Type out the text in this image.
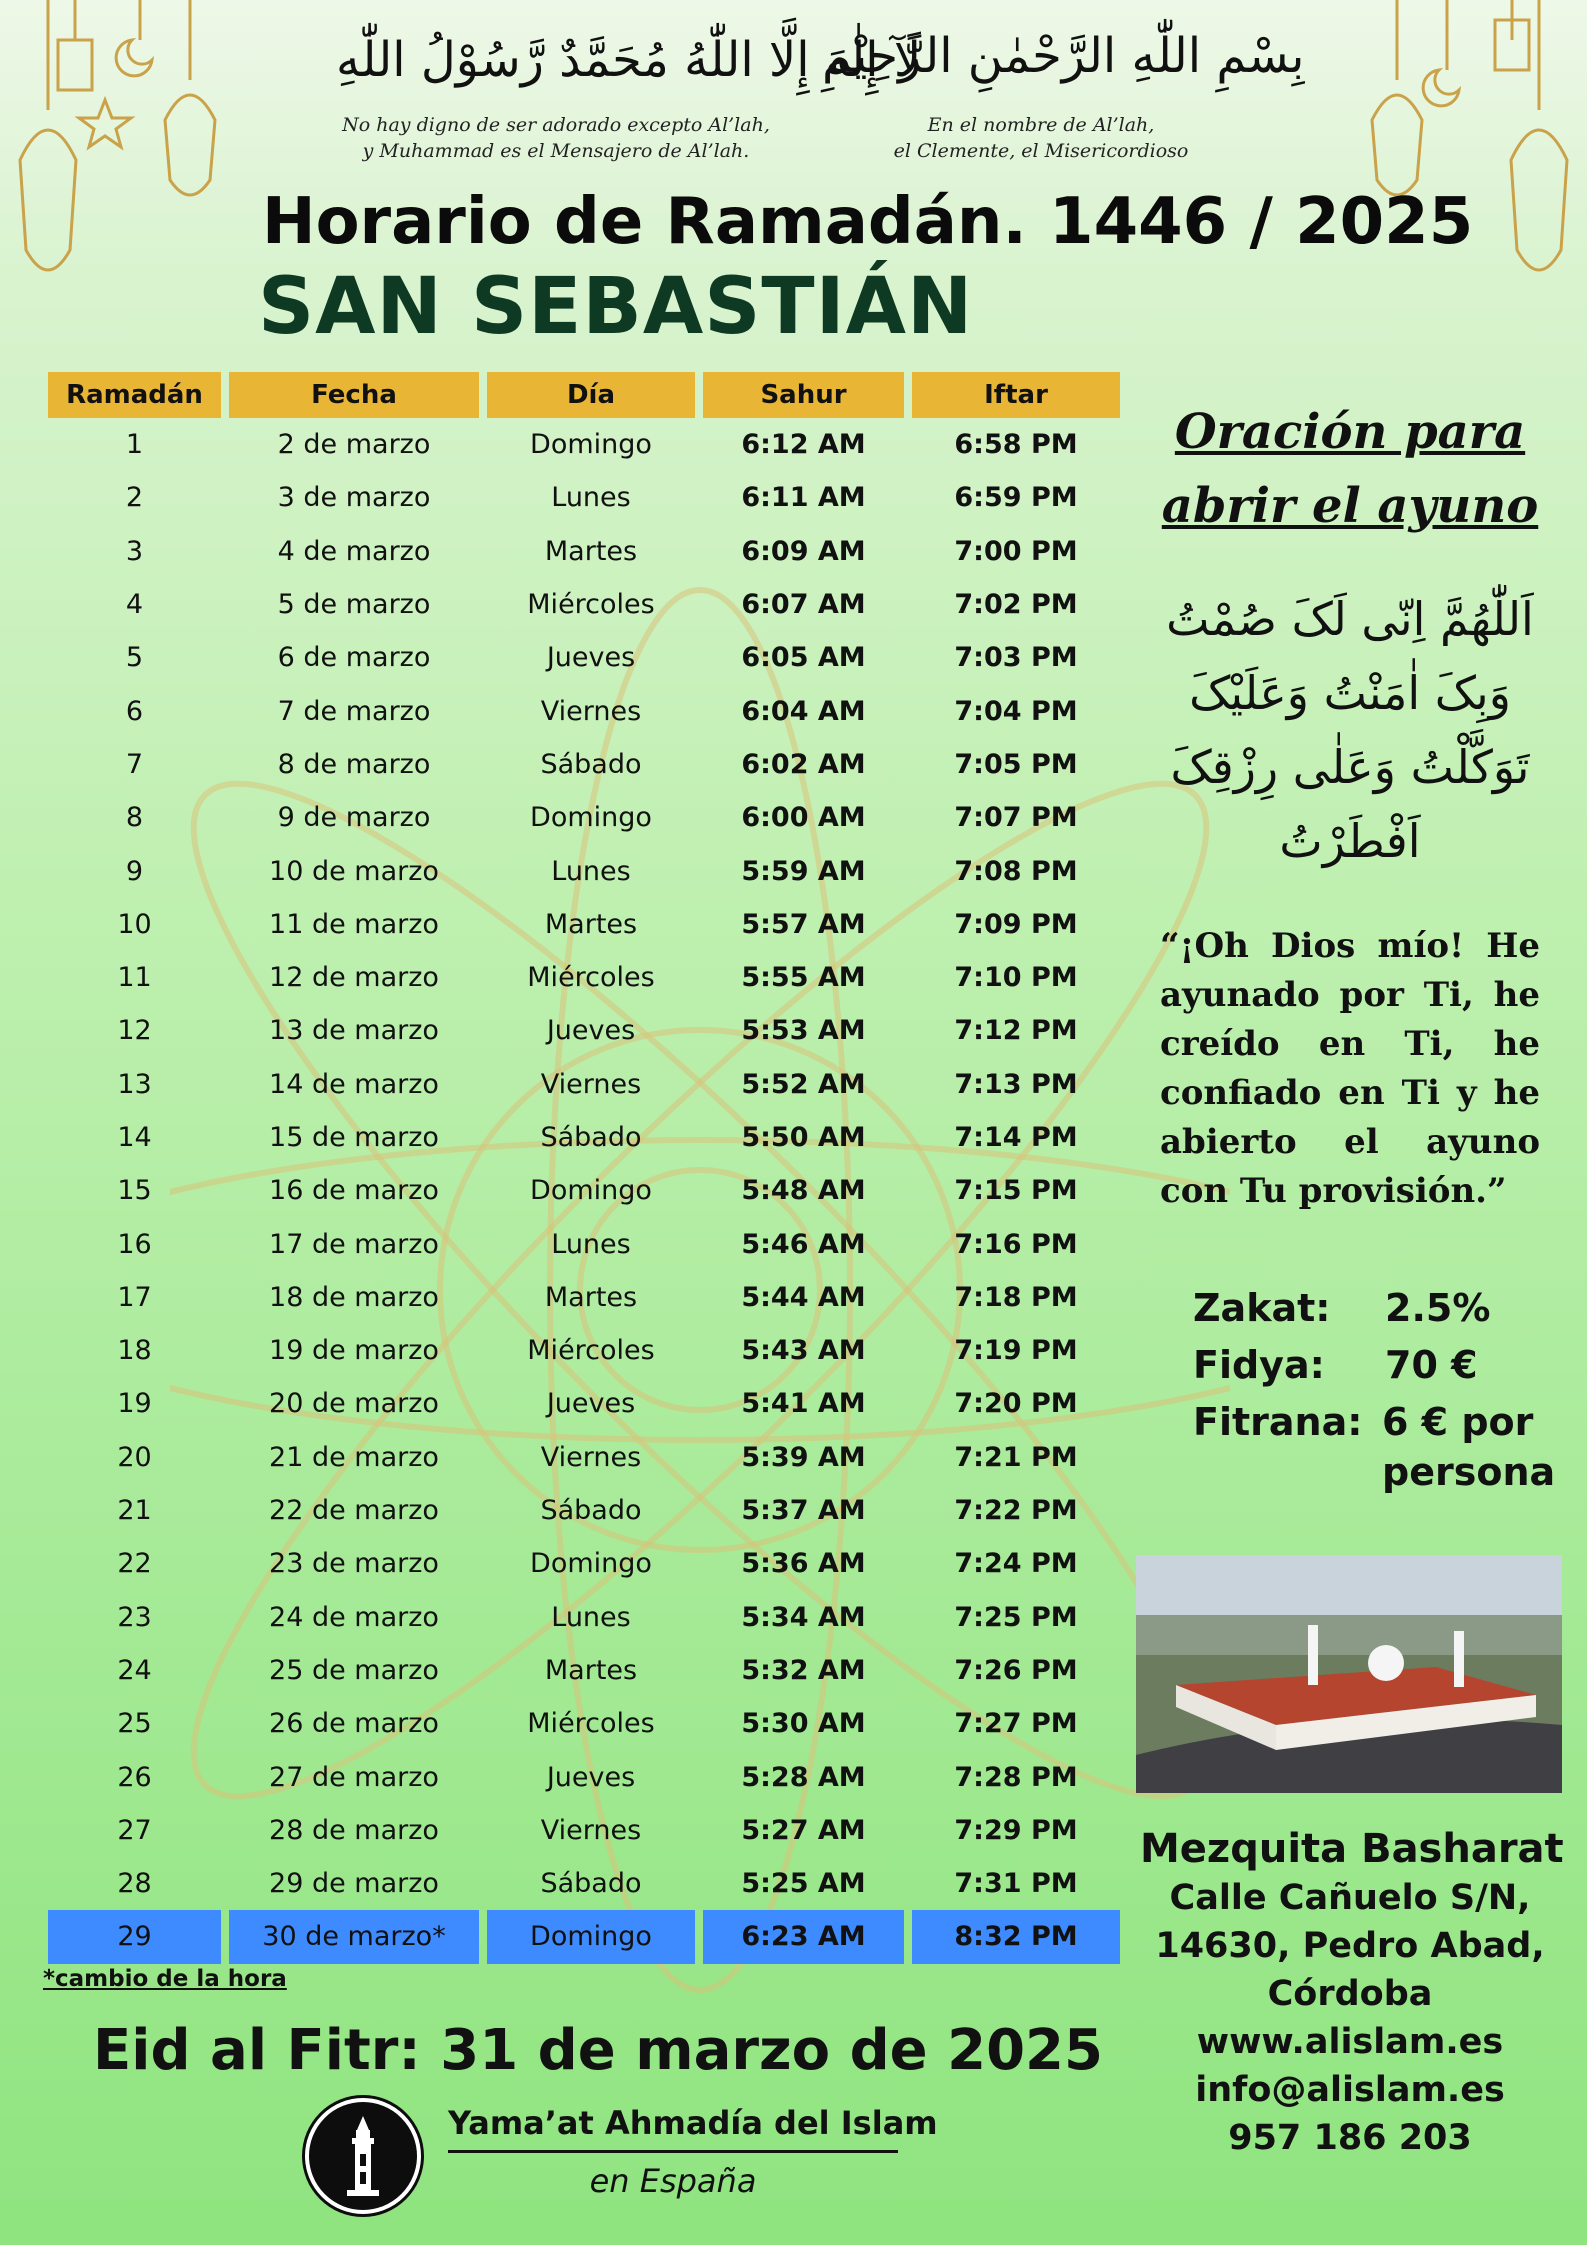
لَآ إِلٰهَ إِلَّا اللّٰهُ مُحَمَّدٌ رَّسُوْلُ اللّٰهِ
بِسْمِ اللّٰهِ الرَّحْمٰنِ الرَّحِيْمِ
No hay digno de ser adorado excepto Al’lah,
y Muhammad es el Mensajero de Al’lah.
En el nombre de Al’lah,
el Clemente, el Misericordioso
Horario de Ramadán. 1446 / 2025
SAN SEBASTIÁN
Ramadán	Fecha	Día	Sahur	Iftar
1	2 de marzo	Domingo	6:12 AM	6:58 PM
2	3 de marzo	Lunes	6:11 AM	6:59 PM
3	4 de marzo	Martes	6:09 AM	7:00 PM
4	5 de marzo	Miércoles	6:07 AM	7:02 PM
5	6 de marzo	Jueves	6:05 AM	7:03 PM
6	7 de marzo	Viernes	6:04 AM	7:04 PM
7	8 de marzo	Sábado	6:02 AM	7:05 PM
8	9 de marzo	Domingo	6:00 AM	7:07 PM
9	10 de marzo	Lunes	5:59 AM	7:08 PM
10	11 de marzo	Martes	5:57 AM	7:09 PM
11	12 de marzo	Miércoles	5:55 AM	7:10 PM
12	13 de marzo	Jueves	5:53 AM	7:12 PM
13	14 de marzo	Viernes	5:52 AM	7:13 PM
14	15 de marzo	Sábado	5:50 AM	7:14 PM
15	16 de marzo	Domingo	5:48 AM	7:15 PM
16	17 de marzo	Lunes	5:46 AM	7:16 PM
17	18 de marzo	Martes	5:44 AM	7:18 PM
18	19 de marzo	Miércoles	5:43 AM	7:19 PM
19	20 de marzo	Jueves	5:41 AM	7:20 PM
20	21 de marzo	Viernes	5:39 AM	7:21 PM
21	22 de marzo	Sábado	5:37 AM	7:22 PM
22	23 de marzo	Domingo	5:36 AM	7:24 PM
23	24 de marzo	Lunes	5:34 AM	7:25 PM
24	25 de marzo	Martes	5:32 AM	7:26 PM
25	26 de marzo	Miércoles	5:30 AM	7:27 PM
26	27 de marzo	Jueves	5:28 AM	7:28 PM
27	28 de marzo	Viernes	5:27 AM	7:29 PM
28	29 de marzo	Sábado	5:25 AM	7:31 PM
29	30 de marzo*	Domingo	6:23 AM	8:32 PM
*cambio de la hora
Eid al Fitr: 31 de marzo de 2025
Yama’at Ahmadía del Islam
en España
Oración para
abrir el ayuno
اَللّٰھُمَّ اِنّی لَکَ صُمْتُ
وَبِکَ اٰمَنْتُ وَعَلَیْکَ
تَوَکَّلْتُ وَعَلٰی رِزْقِکَ
اَفْطَرْتُ
“¡Oh Dios mío! He ayunado por Ti, he creído en Ti, he confiado en Ti y he abierto el ayuno con Tu provisión.”
Zakat: 2.5%
Fidya: 70 €
Fitrana: 6 € por
persona
Mezquita Basharat
Calle Cañuelo S/N,
14630, Pedro Abad,
Córdoba
www.alislam.es
info@alislam.es
957 186 203
